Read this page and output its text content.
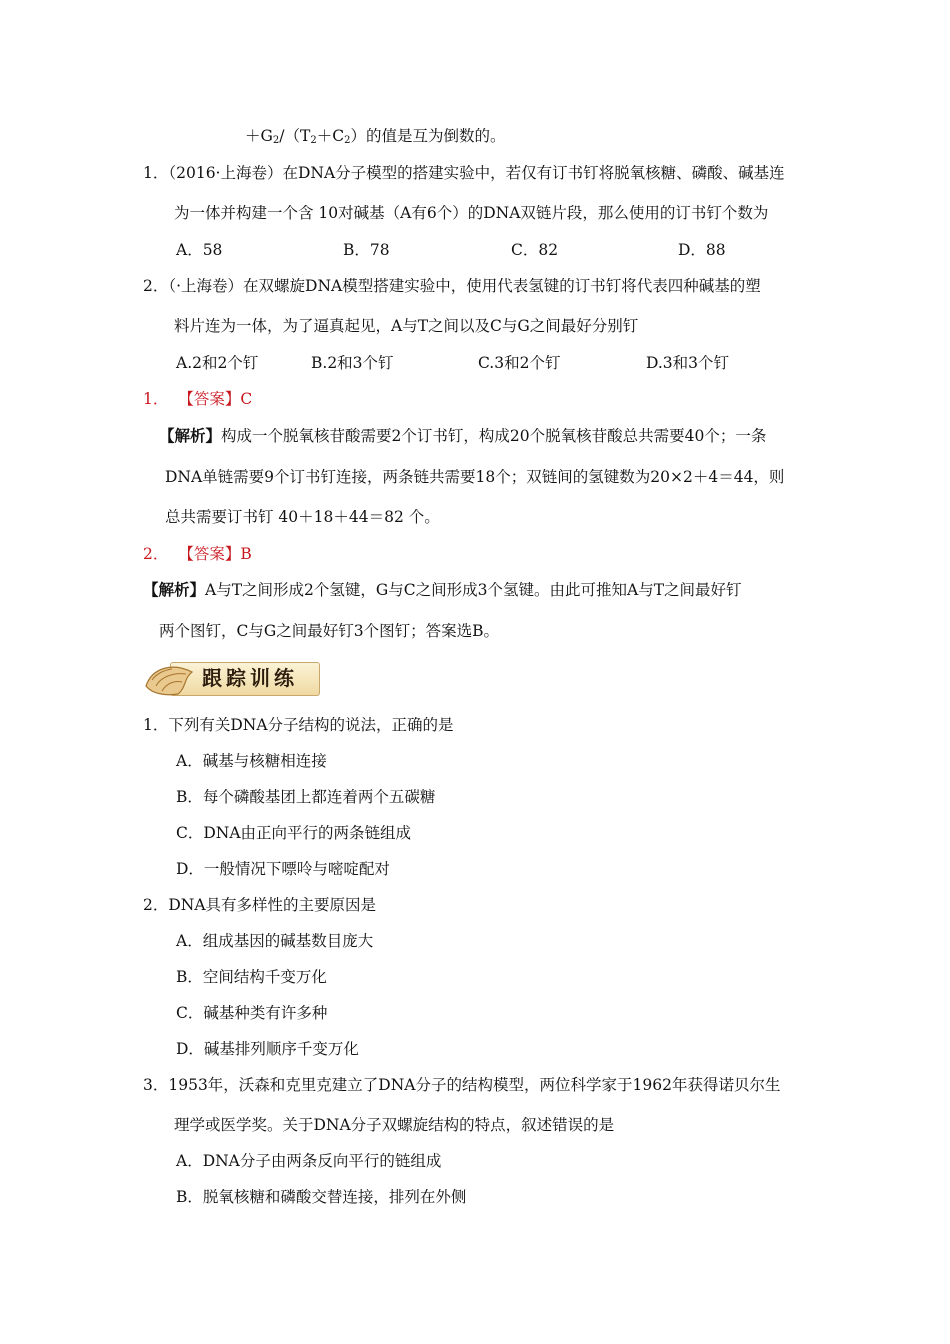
$+G_2/(T_2+C_2)$的值是互为倒数的。
1．（2016·上海卷）在DNA分子模型的搭建实验中，若仅有订书钉将脱氧核糖、磷酸、碱基连
为一体并构建一个含 10对碱基（A有6个）的DNA双链片段，那么使用的订书钉个数为
A．58	B．78	C．82	D．88
2．（·上海卷）在双螺旋DNA模型搭建实验中，使用代表氢键的订书钉将代表四种碱基的塑
料片连为一体，为了逼真起见，A与T之间以及C与G之间最好分别钉
A.2和2个钉	B.2和3个钉	C.3和2个钉	D.3和3个钉
1． 【答案】C
【解析】构成一个脱氧核苷酸需要2个订书钉，构成20个脱氧核苷酸总共需要40个；一条
DNA单链需要9个订书钉连接，两条链共需要18个；双链间的氢键数为20×2＋4＝44，则
总共需要订书钉 40＋18＋44＝82 个。
2． 【答案】B
【解析】A与T之间形成2个氢键，G与C之间形成3个氢键。由此可推知A与T之间最好钉
两个图钉，C与G之间最好钉3个图钉；答案选B。
跟踪训练
1．下列有关DNA分子结构的说法，正确的是
A．碱基与核糖相连接
B．每个磷酸基团上都连着两个五碳糖
C．DNA由正向平行的两条链组成
D．一般情况下嘌呤与嘧啶配对
2．DNA具有多样性的主要原因是
A．组成基因的碱基数目庞大
B．空间结构千变万化
C．碱基种类有许多种
D．碱基排列顺序千变万化
3．1953年，沃森和克里克建立了DNA分子的结构模型，两位科学家于1962年获得诺贝尔生
理学或医学奖。关于DNA分子双螺旋结构的特点，叙述错误的是
A．DNA分子由两条反向平行的链组成
B．脱氧核糖和磷酸交替连接，排列在外侧
